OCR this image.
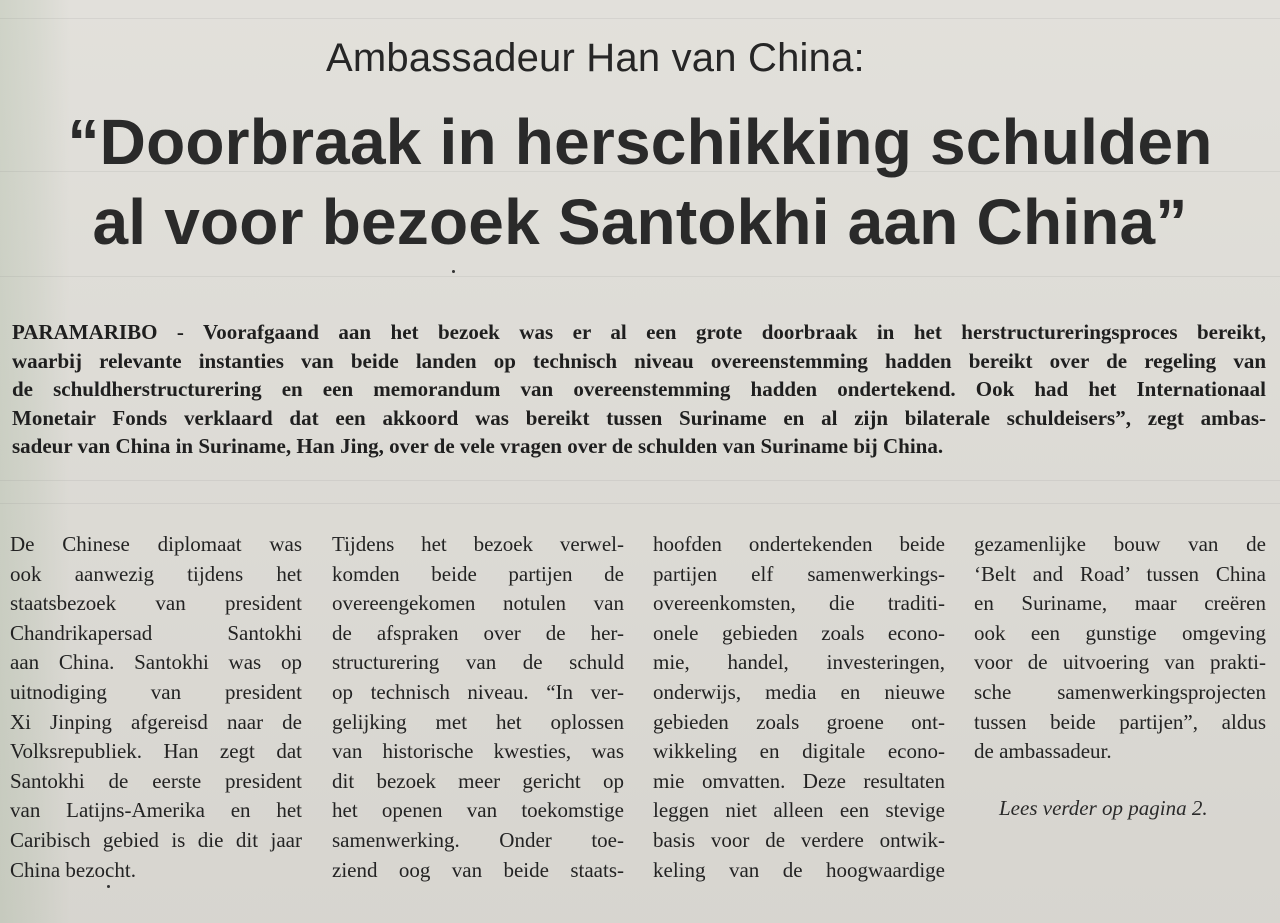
Ambassadeur Han van China:
“Doorbraak in herschikking schulden
al voor bezoek Santokhi aan China”
PARAMARIBO - Voorafgaand aan het bezoek was er al een grote doorbraak in het herstructureringsproces bereikt,
waarbij relevante instanties van beide landen op technisch niveau overeenstemming hadden bereikt over de regeling van
de schuldherstructurering en een memorandum van overeenstemming hadden ondertekend. Ook had het Internationaal
Monetair Fonds verklaard dat een akkoord was bereikt tussen Suriname en al zijn bilaterale schuldeisers”, zegt ambas-
sadeur van China in Suriname, Han Jing, over de vele vragen over de schulden van Suriname bij China.
De Chinese diplomaat was
ook aanwezig tijdens het
staatsbezoek van president
Chandrikapersad Santokhi
aan China. Santokhi was op
uitnodiging van president
Xi Jinping afgereisd naar de
Volksrepubliek. Han zegt dat
Santokhi de eerste president
van Latijns-Amerika en het
Caribisch gebied is die dit jaar
China bezocht.
Tijdens het bezoek verwel-
komden beide partijen de
overeengekomen notulen van
de afspraken over de her-
structurering van de schuld
op technisch niveau. “In ver-
gelijking met het oplossen
van historische kwesties, was
dit bezoek meer gericht op
het openen van toekomstige
samenwerking. Onder toe-
ziend oog van beide staats-
hoofden ondertekenden beide
partijen elf samenwerkings-
overeenkomsten, die traditi-
onele gebieden zoals econo-
mie, handel, investeringen,
onderwijs, media en nieuwe
gebieden zoals groene ont-
wikkeling en digitale econo-
mie omvatten. Deze resultaten
leggen niet alleen een stevige
basis voor de verdere ontwik-
keling van de hoogwaardige
gezamenlijke bouw van de
‘Belt and Road’ tussen China
en Suriname, maar creëren
ook een gunstige omgeving
voor de uitvoering van prakti-
sche samenwerkingsprojecten
tussen beide partijen”, aldus
de ambassadeur.
Lees verder op pagina 2.
